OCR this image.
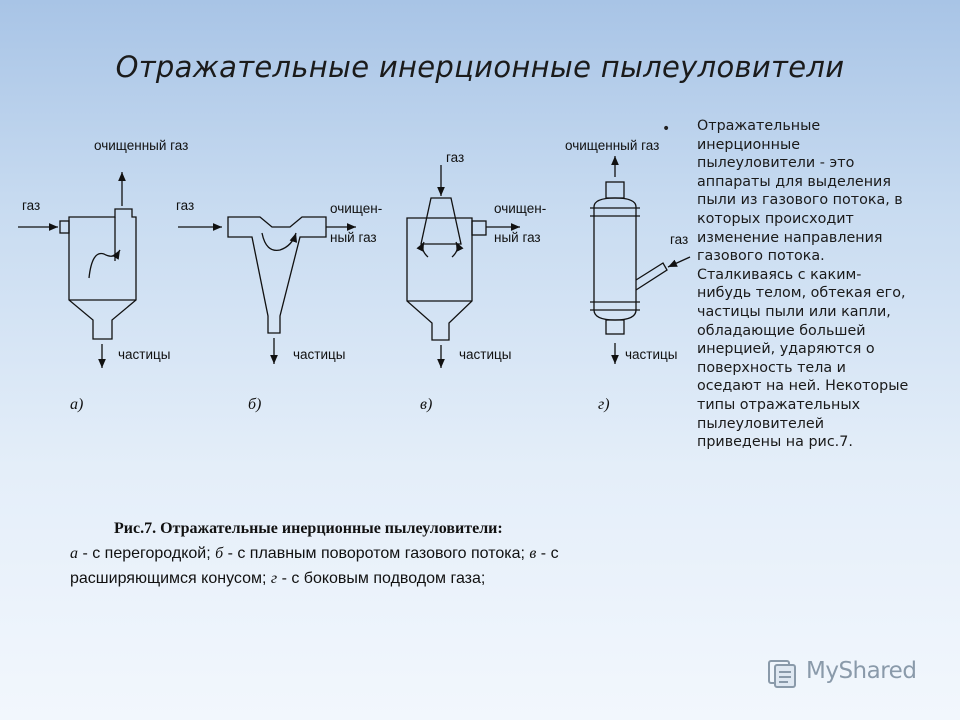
Отражательные инерционные пылеуловители
очищенный газ
газ
частицы
газ	очищен-
ный газ
частицы
газ
очищен-
ный газ
частицы
очищенный газ
газ
частицы
а)	б)	в)	г)
Рис.7. Отражательные инерционные пылеуловители:
а - с перегородкой; б - с плавным поворотом газового потока; в - с расширяющимся конусом; г - с боковым подводом газа;
• Отражательные инерционные пылеуловители - это аппараты для выделения пыли из газового потока, в которых происходит изменение направления газового потока. Сталкиваясь с каким-нибудь телом, обтекая его, частицы пыли или капли, обладающие большей инерцией, ударяются о поверхность тела и оседают на ней. Некоторые типы отражательных пылеуловителей приведены на рис.7.
MyShared
